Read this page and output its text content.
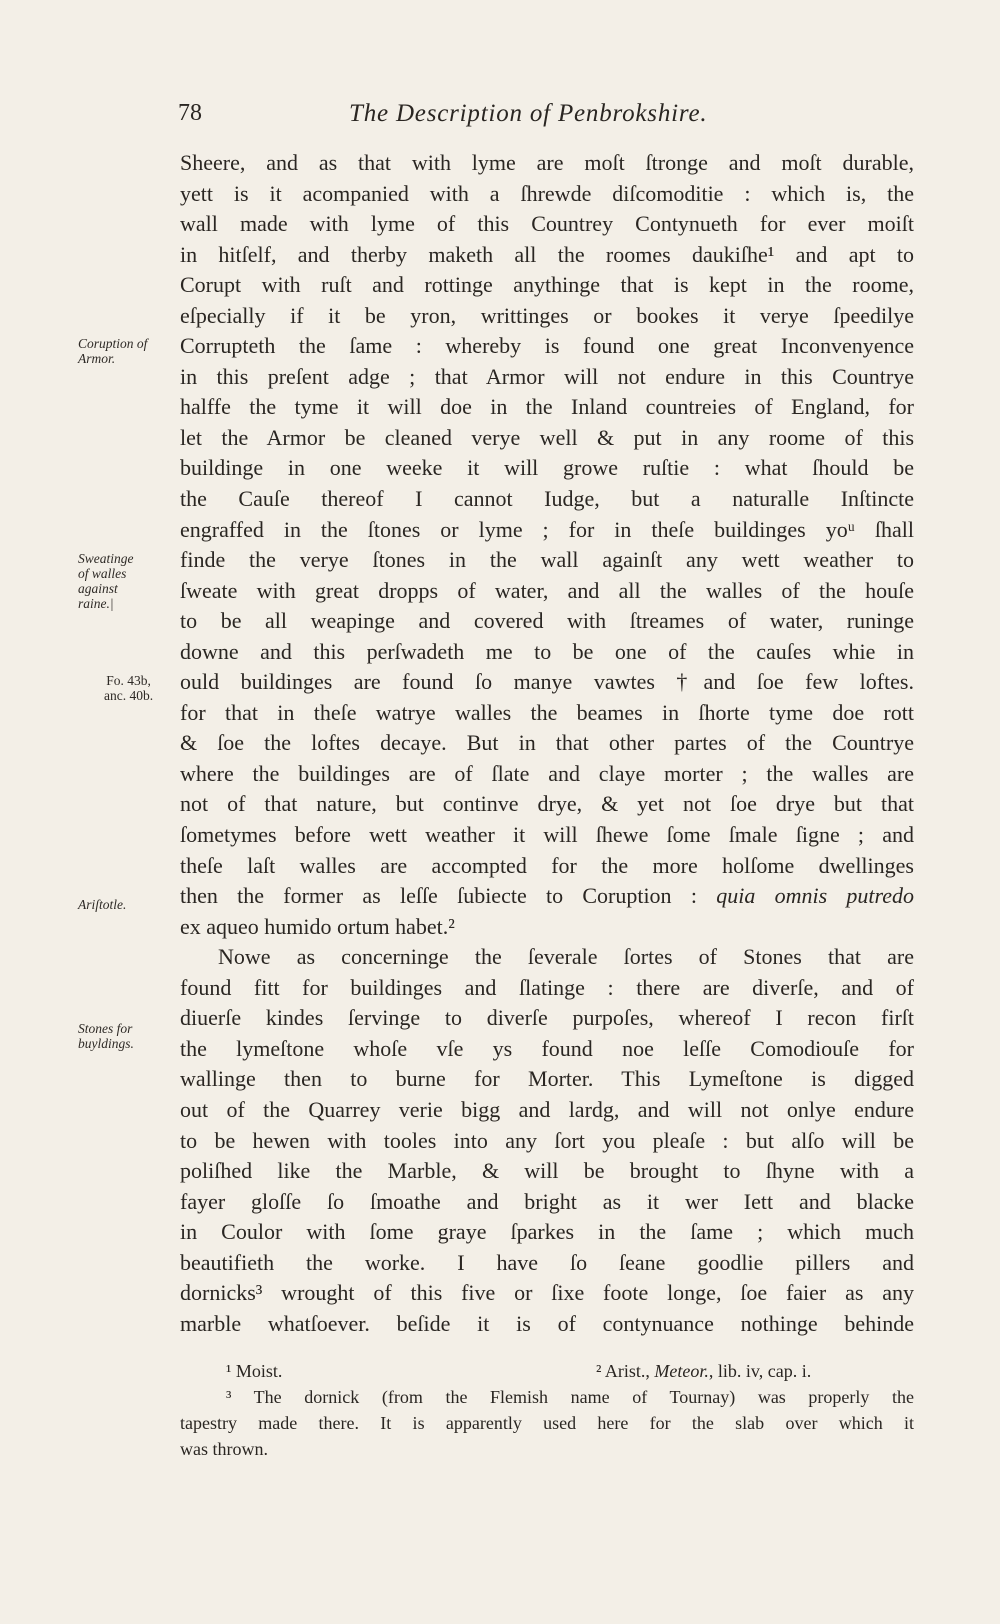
78	The Description of Penbrokshire.
Sheere, and as that with lyme are moſt ſtronge and moſt durable,
yett is it acompanied with a ſhrewde diſcomoditie : which is, the
wall made with lyme of this Countrey Contynueth for ever moiſt
in hitſelf, and therby maketh all the roomes daukiſhe¹ and apt to
Corupt with ruſt and rottinge anythinge that is kept in the roome,
eſpecially if it be yron, writtinges or bookes it verye ſpeedilye
Corrupteth the ſame : whereby is found one great Inconvenyence
in this preſent adge ; that Armor will not endure in this Countrye
halffe the tyme it will doe in the Inland countreies of England, for
let the Armor be cleaned verye well & put in any roome of this
buildinge in one weeke it will growe ruſtie : what ſhould be
the Cauſe thereof I cannot Iudge, but a naturalle Inſtincte
engraffed in the ſtones or lyme ; for in theſe buildinges yoᵘ ſhall
finde the verye ſtones in the wall againſt any wett weather to
ſweate with great dropps of water, and all the walles of the houſe
to be all weapinge and covered with ſtreames of water, runinge
downe and this perſwadeth me to be one of the cauſes whie in
ould buildinges are found ſo manye vawtes †and ſoe few loftes.
for that in theſe watrye walles the beames in ſhorte tyme doe rott
& ſoe the loftes decaye. But in that other partes of the Countrye
where the buildinges are of ſlate and claye morter ; the walles are
not of that nature, but continve drye, & yet not ſoe drye but that
ſometymes before wett weather it will ſhewe ſome ſmale ſigne ; and
theſe laſt walles are accompted for the more holſome dwellinges
then the former as leſſe ſubiecte to Coruption : quia omnis putredo
ex aqueo humido ortum habet.²
Nowe as concerninge the ſeverale ſortes of Stones that are
found fitt for buildinges and ſlatinge : there are diverſe, and of
diuerſe kindes ſervinge to diverſe purpoſes, whereof I recon firſt
the lymeſtone whoſe vſe ys found noe leſſe Comodiouſe for
wallinge then to burne for Morter. This Lymeſtone is digged
out of the Quarrey verie bigg and lardg, and will not onlye endure
to be hewen with tooles into any ſort you pleaſe : but alſo will be
poliſhed like the Marble, & will be brought to ſhyne with a
fayer gloſſe ſo ſmoathe and bright as it wer Iett and blacke
in Coulor with ſome graye ſparkes in the ſame ; which much
beautifieth the worke. I have ſo ſeane goodlie pillers and
dornicks³ wrought of this five or ſixe foote longe, ſoe faier as any
marble whatſoever. beſide it is of contynuance nothinge behinde
Coruption of
Armor.
Sweatinge
of walles
against
raine.|
Fo. 43b,
anc. 40b.
Ariſtotle.
Stones for
buyldings.
¹ Moist.	² Arist., Meteor., lib. iv, cap. i.
³ The dornick (from the Flemish name of Tournay) was properly the
tapestry made there. It is apparently used here for the slab over which it
was thrown.
